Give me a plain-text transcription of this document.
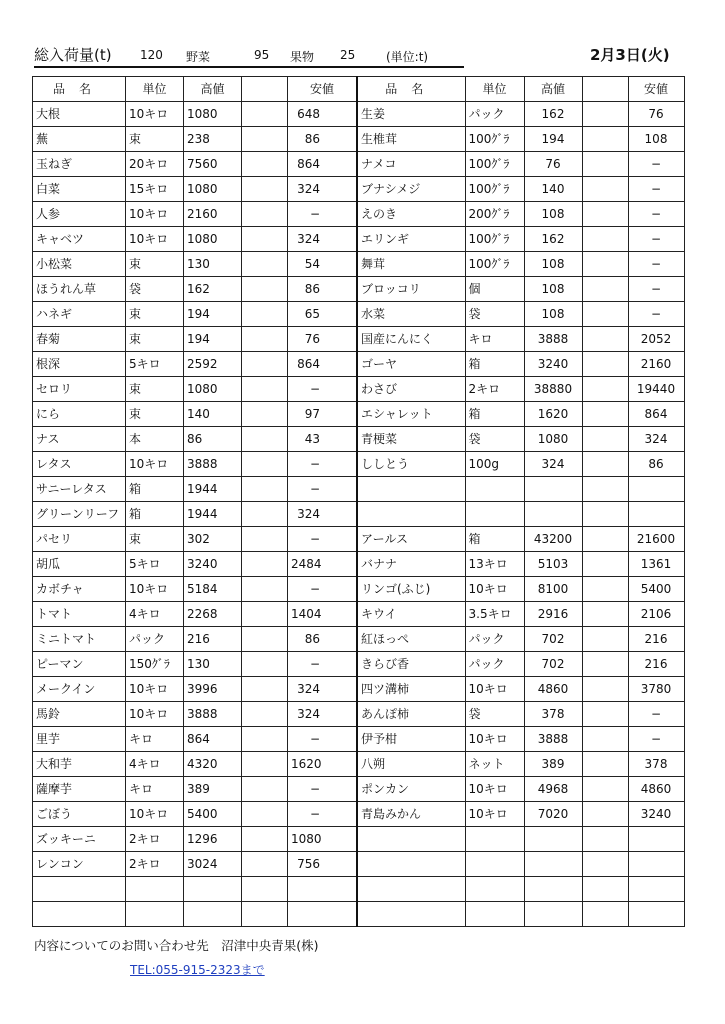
総入荷量(t) 120 野菜	95 果物 25	(単位:t)	2月3日(火)
品名	単位	高値		安値
大根	10キロ	1080		648
蕪	束	238		86
玉ねぎ	20キロ	7560		864
白菜	15キロ	1080		324
人参	10キロ	2160		−
キャベツ	10キロ	1080		324
小松菜	束	130		54
ほうれん草	袋	162		86
ハネギ	束	194		65
春菊	束	194		76
根深	5キロ	2592		864
セロリ	束	1080		−
にら	束	140		97
ナス	本	86		43
レタス	10キロ	3888		−
サニーレタス	箱	1944		−
グリーンリーフ	箱	1944		324
パセリ	束	302		−
胡瓜	5キロ	3240		2484
カボチャ	10キロ	5184		−
トマト	4キロ	2268		1404
ミニトマト	パック	216		86
ピーマン	150ｸﾞﾗ	130		−
メークイン	10キロ	3996		324
馬鈴	10キロ	3888		324
里芋	キロ	864		−
大和芋	4キロ	4320		1620
薩摩芋	キロ	389		−
ごぼう	10キロ	5400		−
ズッキーニ	2キロ	1296		1080
レンコン	2キロ	3024		756

品名	単位	高値		安値
生姜	パック	162		76
生椎茸	100ｸﾞﾗ	194		108
ナメコ	100ｸﾞﾗ	76		−
ブナシメジ	100ｸﾞﾗ	140		−
えのき	200ｸﾞﾗ	108		−
エリンギ	100ｸﾞﾗ	162		−
舞茸	100ｸﾞﾗ	108		−
ブロッコリ	個	108		−
水菜	袋	108		−
国産にんにく	キロ	3888		2052
ゴーヤ	箱	3240		2160
わさび	2キロ	38880		19440
エシャレット	箱	1620		864
青梗菜	袋	1080		324
ししとう	100g	324		86

アールス	箱	43200		21600
バナナ	13キロ	5103		1361
リンゴ(ふじ)	10キロ	8100		5400
キウイ	3.5キロ	2916		2106
紅ほっぺ	パック	702		216
きらび香	パック	702		216
四ツ溝柿	10キロ	4860		3780
あんぽ柿	袋	378		−
伊予柑	10キロ	3888		−
八朔	ネット	389		378
ポンカン	10キロ	4968		4860
青島みかん	10キロ	7020		3240

内容についてのお問い合わせ先　沼津中央青果(株)
TEL:055-915-2323まで
